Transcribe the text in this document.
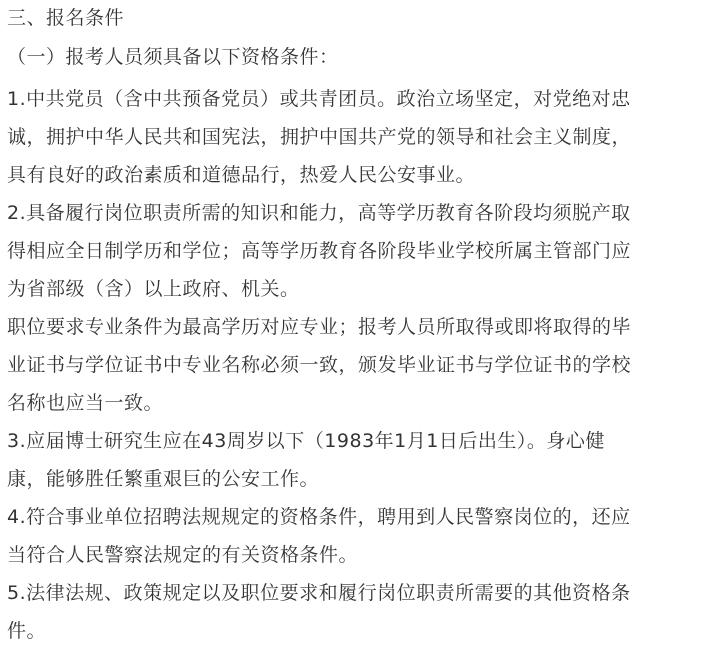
三、报名条件
（一）报考人员须具备以下资格条件：
1.中共党员（含中共预备党员）或共青团员。政治立场坚定，对党绝对忠
诚，拥护中华人民共和国宪法，拥护中国共产党的领导和社会主义制度，
具有良好的政治素质和道德品行，热爱人民公安事业。
2.具备履行岗位职责所需的知识和能力，高等学历教育各阶段均须脱产取
得相应全日制学历和学位；高等学历教育各阶段毕业学校所属主管部门应
为省部级（含）以上政府、机关。
职位要求专业条件为最高学历对应专业；报考人员所取得或即将取得的毕
业证书与学位证书中专业名称必须一致，颁发毕业证书与学位证书的学校
名称也应当一致。
3.应届博士研究生应在43周岁以下（1983年1月1日后出生）。身心健
康，能够胜任繁重艰巨的公安工作。
4.符合事业单位招聘法规规定的资格条件，聘用到人民警察岗位的，还应
当符合人民警察法规定的有关资格条件。
5.法律法规、政策规定以及职位要求和履行岗位职责所需要的其他资格条
件。
